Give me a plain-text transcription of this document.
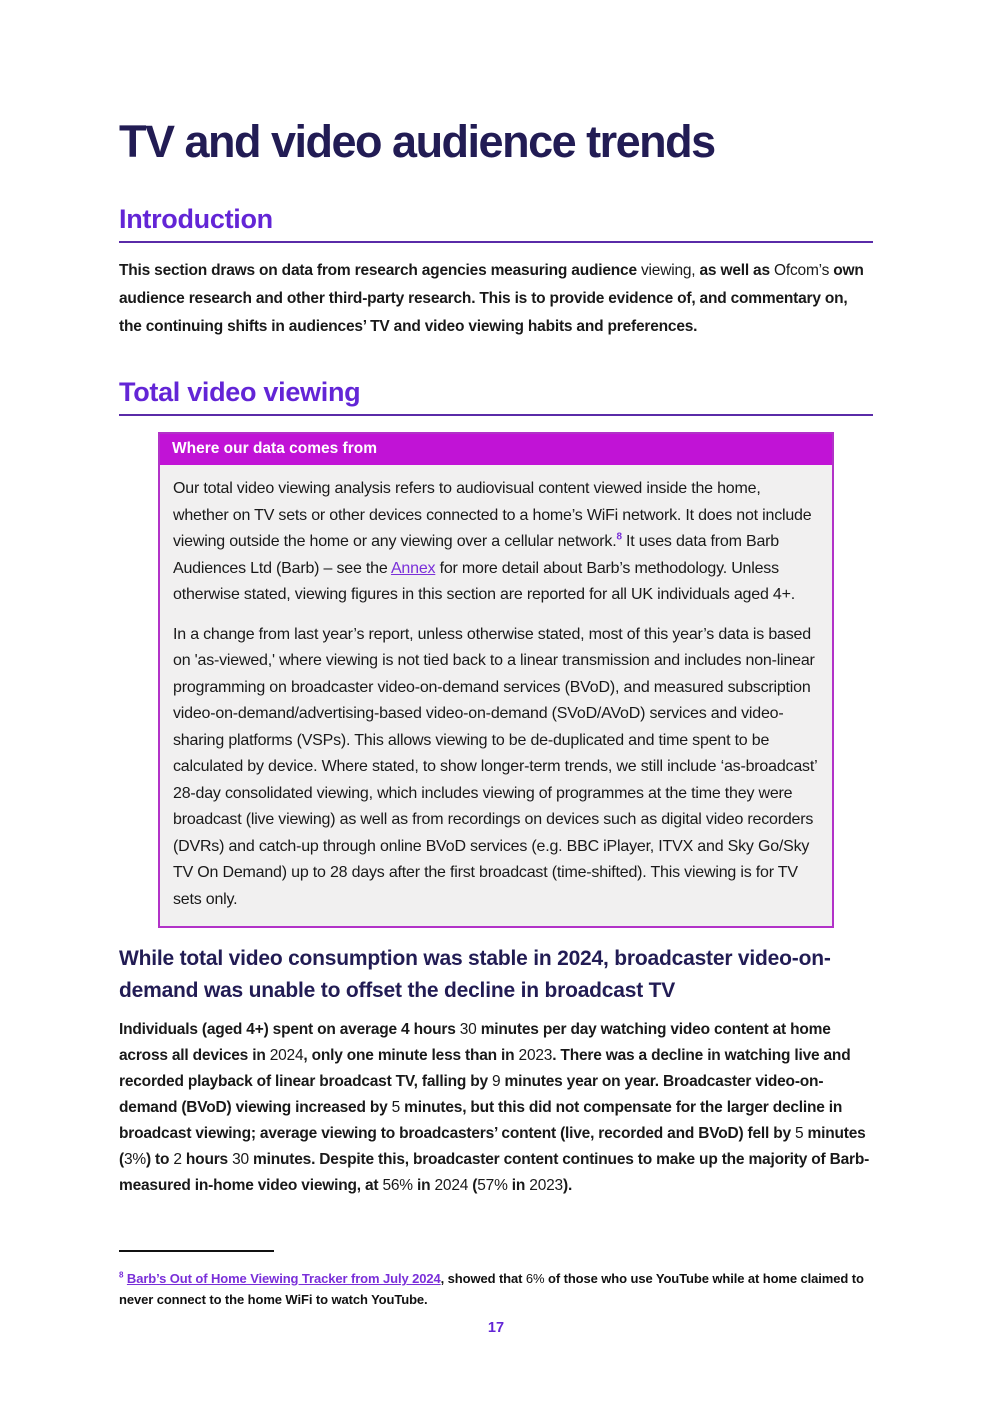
TV and video audience trends
Introduction

This section draws on data from research agencies measuring audience viewing, as well as Ofcom’s own audience research and other third-party research. This is to provide evidence of, and commentary on, the continuing shifts in audiences’ TV and video viewing habits and preferences.

Total video viewing
Where our data comes from

Our total video viewing analysis refers to audiovisual content viewed inside the home, whether on TV sets or other devices connected to a home’s WiFi network. It does not include viewing outside the home or any viewing over a cellular network.$^8$ It uses data from Barb Audiences Ltd (Barb) – see the Annex for more detail about Barb’s methodology. Unless otherwise stated, viewing figures in this section are reported for all UK individuals aged 4+.

In a change from last year’s report, unless otherwise stated, most of this year’s data is based on 'as-viewed,' where viewing is not tied back to a linear transmission and includes non-linear programming on broadcaster video-on-demand services (BVoD), and measured subscription video-on-demand/advertising-based video-on-demand (SVoD/AVoD) services and video-sharing platforms (VSPs). This allows viewing to be de-duplicated and time spent to be calculated by device. Where stated, to show longer-term trends, we still include ‘as-broadcast’ 28-day consolidated viewing, which includes viewing of programmes at the time they were broadcast (live viewing) as well as from recordings on devices such as digital video recorders (DVRs) and catch-up through online BVoD services (e.g. BBC iPlayer, ITVX and Sky Go/Sky TV On Demand) up to 28 days after the first broadcast (time-shifted). This viewing is for TV sets only.

While total video consumption was stable in 2024, broadcaster video-on-demand was unable to offset the decline in broadcast TV

Individuals (aged 4+) spent on average 4 hours 30 minutes per day watching video content at home across all devices in 2024, only one minute less than in 2023. There was a decline in watching live and recorded playback of linear broadcast TV, falling by 9 minutes year on year. Broadcaster video-on-demand (BVoD) viewing increased by 5 minutes, but this did not compensate for the larger decline in broadcast viewing; average viewing to broadcasters’ content (live, recorded and BVoD) fell by 5 minutes (3%) to 2 hours 30 minutes. Despite this, broadcaster content continues to make up the majority of Barb-measured in-home video viewing, at 56% in 2024 (57% in 2023).

$^8$ Barb’s Out of Home Viewing Tracker from July 2024, showed that 6% of those who use YouTube while at home claimed to never connect to the home WiFi to watch YouTube.

17
